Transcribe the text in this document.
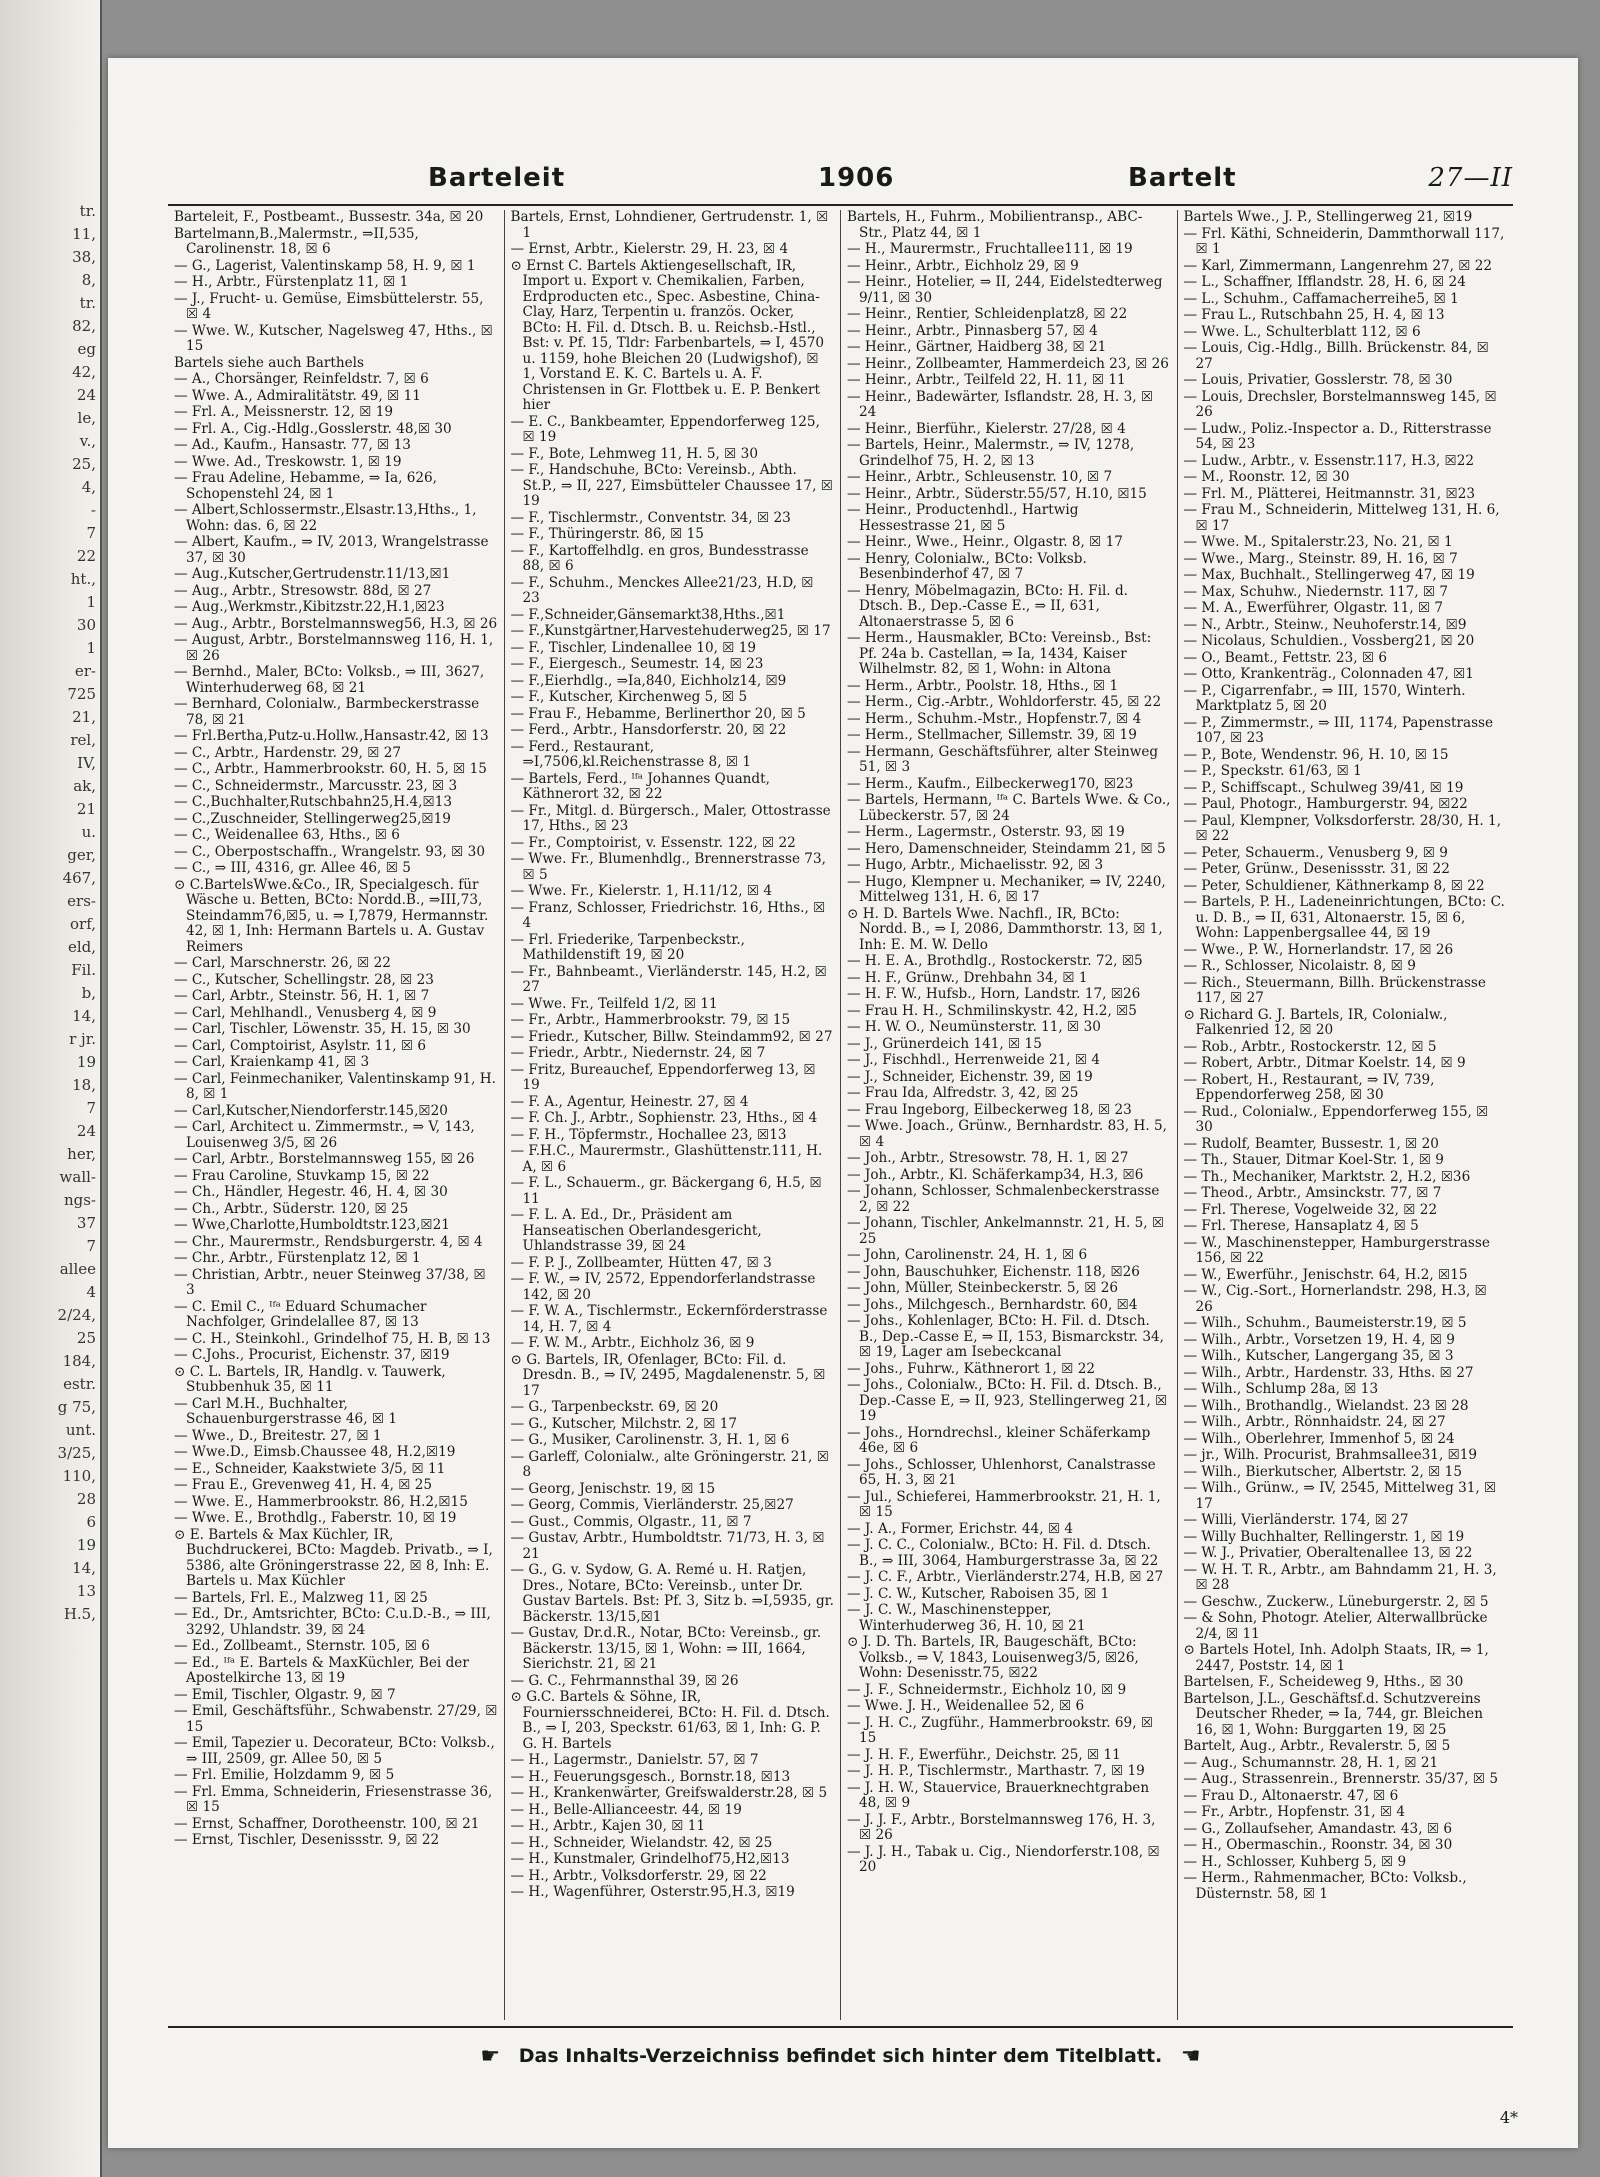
tr.
11,
38,
8,
tr.
82,
eg
42,
24
le,
v.,
25,
4,
-
7
22
ht.,
1
30
1
er-
725
21,
rel,
IV,
ak,
21
u.
ger,
467,
ers-
orf,
eld,
Fil.
b,
14,
r jr.
19
18,
7
24
her,
wall-
ngs-
37
7
allee
4
2/24,
25
184,
estr.
g 75,
unt.
3/25,
110,
28
6
19
14,
13
H.5,
Barteleit	1906	Bartelt	27—II
Barteleit, F., Postbeamt., Bussestr. 34a, ☒ 20
Bartelmann,B.,Malermstr., ⇒II,535, Carolinenstr. 18, ☒ 6
— G., Lagerist, Valentinskamp 58, H. 9, ☒ 1
— H., Arbtr., Fürstenplatz 11, ☒ 1
— J., Frucht- u. Gemüse, Eimsbüttelerstr. 55, ☒ 4
— Wwe. W., Kutscher, Nagelsweg 47, Hths., ☒ 15
Bartels siehe auch Barthels
— A., Chorsänger, Reinfeldstr. 7, ☒ 6
— Wwe. A., Admiralitätstr. 49, ☒ 11
— Frl. A., Meissnerstr. 12, ☒ 19
— Frl. A., Cig.-Hdlg.,Gosslerstr. 48,☒ 30
— Ad., Kaufm., Hansastr. 77, ☒ 13
— Wwe. Ad., Treskowstr. 1, ☒ 19
— Frau Adeline, Hebamme, ⇒ Ia, 626, Schopenstehl 24, ☒ 1
— Albert,Schlossermstr.,Elsastr.13,Hths., 1, Wohn: das. 6, ☒ 22
— Albert, Kaufm., ⇒ IV, 2013, Wrangelstrasse 37, ☒ 30
— Aug.,Kutscher,Gertrudenstr.11/13,☒1
— Aug., Arbtr., Stresowstr. 88d, ☒ 27
— Aug.,Werkmstr.,Kibitzstr.22,H.1,☒23
— Aug., Arbtr., Borstelmannsweg56, H.3, ☒ 26
— August, Arbtr., Borstelmannsweg 116, H. 1, ☒ 26
— Bernhd., Maler, BCto: Volksb., ⇒ III, 3627, Winterhuderweg 68, ☒ 21
— Bernhard, Colonialw., Barmbeckerstrasse 78, ☒ 21
— Frl.Bertha,Putz-u.Hollw.,Hansastr.42, ☒ 13
— C., Arbtr., Hardenstr. 29, ☒ 27
— C., Arbtr., Hammerbrookstr. 60, H. 5, ☒ 15
— C., Schneidermstr., Marcusstr. 23, ☒ 3
— C.,Buchhalter,Rutschbahn25,H.4,☒13
— C.,Zuschneider, Stellingerweg25,☒19
— C., Weidenallee 63, Hths., ☒ 6
— C., Oberpostschaffn., Wrangelstr. 93, ☒ 30
— C., ⇒ III, 4316, gr. Allee 46, ☒ 5
⊙ C.BartelsWwe.&Co., IR, Specialgesch. für Wäsche u. Betten, BCto: Nordd.B., ⇒III,73, Steindamm76,☒5, u. ⇒ I,7879, Hermannstr. 42, ☒ 1, Inh: Hermann Bartels u. A. Gustav Reimers
— Carl, Marschnerstr. 26, ☒ 22
— C., Kutscher, Schellingstr. 28, ☒ 23
— Carl, Arbtr., Steinstr. 56, H. 1, ☒ 7
— Carl, Mehlhandl., Venusberg 4, ☒ 9
— Carl, Tischler, Löwenstr. 35, H. 15, ☒ 30
— Carl, Comptoirist, Asylstr. 11, ☒ 6
— Carl, Kraienkamp 41, ☒ 3
— Carl, Feinmechaniker, Valentinskamp 91, H. 8, ☒ 1
— Carl,Kutscher,Niendorferstr.145,☒20
— Carl, Architect u. Zimmermstr., ⇒ V, 143, Louisenweg 3/5, ☒ 26
— Carl, Arbtr., Borstelmannsweg 155, ☒ 26
— Frau Caroline, Stuvkamp 15, ☒ 22
— Ch., Händler, Hegestr. 46, H. 4, ☒ 30
— Ch., Arbtr., Süderstr. 120, ☒ 25
— Wwe,Charlotte,Humboldtstr.123,☒21
— Chr., Maurermstr., Rendsburgerstr. 4, ☒ 4
— Chr., Arbtr., Fürstenplatz 12, ☒ 1
— Christian, Arbtr., neuer Steinweg 37/38, ☒ 3
— C. Emil C., ᴵᶠᵃ Eduard Schumacher Nachfolger, Grindelallee 87, ☒ 13
— C. H., Steinkohl., Grindelhof 75, H. B, ☒ 13
— C.Johs., Procurist, Eichenstr. 37, ☒19
⊙ C. L. Bartels, IR, Handlg. v. Tauwerk, Stubbenhuk 35, ☒ 11
— Carl M.H., Buchhalter, Schauenburgerstrasse 46, ☒ 1
— Wwe., D., Breitestr. 27, ☒ 1
— Wwe.D., Eimsb.Chaussee 48, H.2,☒19
— E., Schneider, Kaakstwiete 3/5, ☒ 11
— Frau E., Grevenweg 41, H. 4, ☒ 25
— Wwe. E., Hammerbrookstr. 86, H.2,☒15
— Wwe. E., Brothdlg., Faberstr. 10, ☒ 19
⊙ E. Bartels & Max Küchler, IR, Buchdruckerei, BCto: Magdeb. Privatb., ⇒ I, 5386, alte Gröningerstrasse 22, ☒ 8, Inh: E. Bartels u. Max Küchler
— Bartels, Frl. E., Malzweg 11, ☒ 25
— Ed., Dr., Amtsrichter, BCto: C.u.D.-B., ⇒ III, 3292, Uhlandstr. 39, ☒ 24
— Ed., Zollbeamt., Sternstr. 105, ☒ 6
— Ed., ᴵᶠᵃ E. Bartels & MaxKüchler, Bei der Apostelkirche 13, ☒ 19
— Emil, Tischler, Olgastr. 9, ☒ 7
— Emil, Geschäftsführ., Schwabenstr. 27/29, ☒ 15
— Emil, Tapezier u. Decorateur, BCto: Volksb., ⇒ III, 2509, gr. Allee 50, ☒ 5
— Frl. Emilie, Holzdamm 9, ☒ 5
— Frl. Emma, Schneiderin, Friesenstrasse 36, ☒ 15
— Ernst, Schaffner, Dorotheenstr. 100, ☒ 21
— Ernst, Tischler, Desenissstr. 9, ☒ 22
Bartels, Ernst, Lohndiener, Gertrudenstr. 1, ☒ 1
— Ernst, Arbtr., Kielerstr. 29, H. 23, ☒ 4
⊙ Ernst C. Bartels Aktiengesellschaft, IR, Import u. Export v. Chemikalien, Farben, Erdproducten etc., Spec. Asbestine, China-Clay, Harz, Terpentin u. französ. Ocker, BCto: H. Fil. d. Dtsch. B. u. Reichsb.-Hstl., Bst: v. Pf. 15, Tldr: Farbenbartels, ⇒ I, 4570 u. 1159, hohe Bleichen 20 (Ludwigshof), ☒ 1, Vorstand E. K. C. Bartels u. A. F. Christensen in Gr. Flottbek u. E. P. Benkert hier
— E. C., Bankbeamter, Eppendorferweg 125, ☒ 19
— F., Bote, Lehmweg 11, H. 5, ☒ 30
— F., Handschuhe, BCto: Vereinsb., Abth. St.P., ⇒ II, 227, Eimsbütteler Chaussee 17, ☒ 19
— F., Tischlermstr., Conventstr. 34, ☒ 23
— F., Thüringerstr. 86, ☒ 15
— F., Kartoffelhdlg. en gros, Bundesstrasse 88, ☒ 6
— F., Schuhm., Menckes Allee21/23, H.D, ☒ 23
— F.,Schneider,Gänsemarkt38,Hths.,☒1
— F.,Kunstgärtner,Harvestehuderweg25, ☒ 17
— F., Tischler, Lindenallee 10, ☒ 19
— F., Eiergesch., Seumestr. 14, ☒ 23
— F.,Eierhdlg., ⇒Ia,840, Eichholz14, ☒9
— F., Kutscher, Kirchenweg 5, ☒ 5
— Frau F., Hebamme, Berlinerthor 20, ☒ 5
— Ferd., Arbtr., Hansdorferstr. 20, ☒ 22
— Ferd., Restaurant, ⇒I,7506,kl.Reichenstrasse 8, ☒ 1
— Bartels, Ferd., ᴵᶠᵃ Johannes Quandt, Käthnerort 32, ☒ 22
— Fr., Mitgl. d. Bürgersch., Maler, Ottostrasse 17, Hths., ☒ 23
— Fr., Comptoirist, v. Essenstr. 122, ☒ 22
— Wwe. Fr., Blumenhdlg., Brennerstrasse 73, ☒ 5
— Wwe. Fr., Kielerstr. 1, H.11/12, ☒ 4
— Franz, Schlosser, Friedrichstr. 16, Hths., ☒ 4
— Frl. Friederike, Tarpenbeckstr., Mathildenstift 19, ☒ 20
— Fr., Bahnbeamt., Vierländerstr. 145, H.2, ☒ 27
— Wwe. Fr., Teilfeld 1/2, ☒ 11
— Fr., Arbtr., Hammerbrookstr. 79, ☒ 15
— Friedr., Kutscher, Billw. Steindamm92, ☒ 27
— Friedr., Arbtr., Niedernstr. 24, ☒ 7
— Fritz, Bureauchef, Eppendorferweg 13, ☒ 19
— F. A., Agentur, Heinestr. 27, ☒ 4
— F. Ch. J., Arbtr., Sophienstr. 23, Hths., ☒ 4
— F. H., Töpfermstr., Hochallee 23, ☒13
— F.H.C., Maurermstr., Glashüttenstr.111, H. A, ☒ 6
— F. L., Schauerm., gr. Bäckergang 6, H.5, ☒ 11
— F. L. A. Ed., Dr., Präsident am Hanseatischen Oberlandesgericht, Uhlandstrasse 39, ☒ 24
— F. P. J., Zollbeamter, Hütten 47, ☒ 3
— F. W., ⇒ IV, 2572, Eppendorferlandstrasse 142, ☒ 20
— F. W. A., Tischlermstr., Eckernförderstrasse 14, H. 7, ☒ 4
— F. W. M., Arbtr., Eichholz 36, ☒ 9
⊙ G. Bartels, IR, Ofenlager, BCto: Fil. d. Dresdn. B., ⇒ IV, 2495, Magdalenenstr. 5, ☒ 17
— G., Tarpenbeckstr. 69, ☒ 20
— G., Kutscher, Milchstr. 2, ☒ 17
— G., Musiker, Carolinenstr. 3, H. 1, ☒ 6
— Garleff, Colonialw., alte Gröningerstr. 21, ☒ 8
— Georg, Jenischstr. 19, ☒ 15
— Georg, Commis, Vierländerstr. 25,☒27
— Gust., Commis, Olgastr., 11, ☒ 7
— Gustav, Arbtr., Humboldtstr. 71/73, H. 3, ☒ 21
— G., G. v. Sydow, G. A. Remé u. H. Ratjen, Dres., Notare, BCto: Vereinsb., unter Dr. Gustav Bartels. Bst: Pf. 3, Sitz b. ⇒I,5935, gr. Bäckerstr. 13/15,☒1
— Gustav, Dr.d.R., Notar, BCto: Vereinsb., gr. Bäckerstr. 13/15, ☒ 1, Wohn: ⇒ III, 1664, Sierichstr. 21, ☒ 21
— G. C., Fehrmannsthal 39, ☒ 26
⊙ G.C. Bartels & Söhne, IR, Fourniersschneiderei, BCto: H. Fil. d. Dtsch. B., ⇒ I, 203, Speckstr. 61/63, ☒ 1, Inh: G. P. G. H. Bartels
— H., Lagermstr., Danielstr. 57, ☒ 7
— H., Feuerungsgesch., Bornstr.18, ☒13
— H., Krankenwärter, Greifswalderstr.28, ☒ 5
— H., Belle-Allianceestr. 44, ☒ 19
— H., Arbtr., Kajen 30, ☒ 11
— H., Schneider, Wielandstr. 42, ☒ 25
— H., Kunstmaler, Grindelhof75,H2,☒13
— H., Arbtr., Volksdorferstr. 29, ☒ 22
— H., Wagenführer, Osterstr.95,H.3, ☒19
Bartels, H., Fuhrm., Mobilientransp., ABC-Str., Platz 44, ☒ 1
— H., Maurermstr., Fruchtallee111, ☒ 19
— Heinr., Arbtr., Eichholz 29, ☒ 9
— Heinr., Hotelier, ⇒ II, 244, Eidelstedterweg 9/11, ☒ 30
— Heinr., Rentier, Schleidenplatz8, ☒ 22
— Heinr., Arbtr., Pinnasberg 57, ☒ 4
— Heinr., Gärtner, Haidberg 38, ☒ 21
— Heinr., Zollbeamter, Hammerdeich 23, ☒ 26
— Heinr., Arbtr., Teilfeld 22, H. 11, ☒ 11
— Heinr., Badewärter, Isflandstr. 28, H. 3, ☒ 24
— Heinr., Bierführ., Kielerstr. 27/28, ☒ 4
— Bartels, Heinr., Malermstr., ⇒ IV, 1278, Grindelhof 75, H. 2, ☒ 13
— Heinr., Arbtr., Schleusenstr. 10, ☒ 7
— Heinr., Arbtr., Süderstr.55/57, H.10, ☒15
— Heinr., Productenhdl., Hartwig Hessestrasse 21, ☒ 5
— Heinr., Wwe., Heinr., Olgastr. 8, ☒ 17
— Henry, Colonialw., BCto: Volksb. Besenbinderhof 47, ☒ 7
— Henry, Möbelmagazin, BCto: H. Fil. d. Dtsch. B., Dep.-Casse E., ⇒ II, 631, Altonaerstrasse 5, ☒ 6
— Herm., Hausmakler, BCto: Vereinsb., Bst: Pf. 24a b. Castellan, ⇒ Ia, 1434, Kaiser Wilhelmstr. 82, ☒ 1, Wohn: in Altona
— Herm., Arbtr., Poolstr. 18, Hths., ☒ 1
— Herm., Cig.-Arbtr., Wohldorferstr. 45, ☒ 22
— Herm., Schuhm.-Mstr., Hopfenstr.7, ☒ 4
— Herm., Stellmacher, Sillemstr. 39, ☒ 19
— Hermann, Geschäftsführer, alter Steinweg 51, ☒ 3
— Herm., Kaufm., Eilbeckerweg170, ☒23
— Bartels, Hermann, ᴵᶠᵃ C. Bartels Wwe. & Co., Lübeckerstr. 57, ☒ 24
— Herm., Lagermstr., Osterstr. 93, ☒ 19
— Hero, Damenschneider, Steindamm 21, ☒ 5
— Hugo, Arbtr., Michaelisstr. 92, ☒ 3
— Hugo, Klempner u. Mechaniker, ⇒ IV, 2240, Mittelweg 131, H. 6, ☒ 17
⊙ H. D. Bartels Wwe. Nachfl., IR, BCto: Nordd. B., ⇒ I, 2086, Dammthorstr. 13, ☒ 1, Inh: E. M. W. Dello
— H. E. A., Brothdlg., Rostockerstr. 72, ☒5
— H. F., Grünw., Drehbahn 34, ☒ 1
— H. F. W., Hufsb., Horn, Landstr. 17, ☒26
— Frau H. H., Schmilinskystr. 42, H.2, ☒5
— H. W. O., Neumünsterstr. 11, ☒ 30
— J., Grünerdeich 141, ☒ 15
— J., Fischhdl., Herrenweide 21, ☒ 4
— J., Schneider, Eichenstr. 39, ☒ 19
— Frau Ida, Alfredstr. 3, 42, ☒ 25
— Frau Ingeborg, Eilbeckerweg 18, ☒ 23
— Wwe. Joach., Grünw., Bernhardstr. 83, H. 5, ☒ 4
— Joh., Arbtr., Stresowstr. 78, H. 1, ☒ 27
— Joh., Arbtr., Kl. Schäferkamp34, H.3, ☒6
— Johann, Schlosser, Schmalenbeckerstrasse 2, ☒ 22
— Johann, Tischler, Ankelmannstr. 21, H. 5, ☒ 25
— John, Carolinenstr. 24, H. 1, ☒ 6
— John, Bauschuhker, Eichenstr. 118, ☒26
— John, Müller, Steinbeckerstr. 5, ☒ 26
— Johs., Milchgesch., Bernhardstr. 60, ☒4
— Johs., Kohlenlager, BCto: H. Fil. d. Dtsch. B., Dep.-Casse E, ⇒ II, 153, Bismarckstr. 34, ☒ 19, Lager am Isebeckcanal
— Johs., Fuhrw., Käthnerort 1, ☒ 22
— Johs., Colonialw., BCto: H. Fil. d. Dtsch. B., Dep.-Casse E, ⇒ II, 923, Stellingerweg 21, ☒ 19
— Johs., Horndrechsl., kleiner Schäferkamp 46e, ☒ 6
— Johs., Schlosser, Uhlenhorst, Canalstrasse 65, H. 3, ☒ 21
— Jul., Schieferei, Hammerbrookstr. 21, H. 1, ☒ 15
— J. A., Former, Erichstr. 44, ☒ 4
— J. C. C., Colonialw., BCto: H. Fil. d. Dtsch. B., ⇒ III, 3064, Hamburgerstrasse 3a, ☒ 22
— J. C. F., Arbtr., Vierländerstr.274, H.B, ☒ 27
— J. C. W., Kutscher, Raboisen 35, ☒ 1
— J. C. W., Maschinenstepper, Winterhuderweg 36, H. 10, ☒ 21
⊙ J. D. Th. Bartels, IR, Baugeschäft, BCto: Volksb., ⇒ V, 1843, Louisenweg3/5, ☒26, Wohn: Desenisstr.75, ☒22
— J. F., Schneidermstr., Eichholz 10, ☒ 9
— Wwe. J. H., Weidenallee 52, ☒ 6
— J. H. C., Zugführ., Hammerbrookstr. 69, ☒ 15
— J. H. F., Ewerführ., Deichstr. 25, ☒ 11
— J. H. P., Tischlermstr., Marthastr. 7, ☒ 19
— J. H. W., Stauervice, Brauerknechtgraben 48, ☒ 9
— J. J. F., Arbtr., Borstelmannsweg 176, H. 3, ☒ 26
— J. J. H., Tabak u. Cig., Niendorferstr.108, ☒ 20
Bartels Wwe., J. P., Stellingerweg 21, ☒19
— Frl. Käthi, Schneiderin, Dammthorwall 117, ☒ 1
— Karl, Zimmermann, Langenrehm 27, ☒ 22
— L., Schaffner, Ifflandstr. 28, H. 6, ☒ 24
— L., Schuhm., Caffamacherreihe5, ☒ 1
— Frau L., Rutschbahn 25, H. 4, ☒ 13
— Wwe. L., Schulterblatt 112, ☒ 6
— Louis, Cig.-Hdlg., Billh. Brückenstr. 84, ☒ 27
— Louis, Privatier, Gosslerstr. 78, ☒ 30
— Louis, Drechsler, Borstelmannsweg 145, ☒ 26
— Ludw., Poliz.-Inspector a. D., Ritterstrasse 54, ☒ 23
— Ludw., Arbtr., v. Essenstr.117, H.3, ☒22
— M., Roonstr. 12, ☒ 30
— Frl. M., Plätterei, Heitmannstr. 31, ☒23
— Frau M., Schneiderin, Mittelweg 131, H. 6, ☒ 17
— Wwe. M., Spitalerstr.23, No. 21, ☒ 1
— Wwe., Marg., Steinstr. 89, H. 16, ☒ 7
— Max, Buchhalt., Stellingerweg 47, ☒ 19
— Max, Schuhw., Niedernstr. 117, ☒ 7
— M. A., Ewerführer, Olgastr. 11, ☒ 7
— N., Arbtr., Steinw., Neuhoferstr.14, ☒9
— Nicolaus, Schuldien., Vossberg21, ☒ 20
— O., Beamt., Fettstr. 23, ☒ 6
— Otto, Krankenträg., Colonnaden 47, ☒1
— P., Cigarrenfabr., ⇒ III, 1570, Winterh. Marktplatz 5, ☒ 20
— P., Zimmermstr., ⇒ III, 1174, Papenstrasse 107, ☒ 23
— P., Bote, Wendenstr. 96, H. 10, ☒ 15
— P., Speckstr. 61/63, ☒ 1
— P., Schiffscapt., Schulweg 39/41, ☒ 19
— Paul, Photogr., Hamburgerstr. 94, ☒22
— Paul, Klempner, Volksdorferstr. 28/30, H. 1, ☒ 22
— Peter, Schauerm., Venusberg 9, ☒ 9
— Peter, Grünw., Desenissstr. 31, ☒ 22
— Peter, Schuldiener, Käthnerkamp 8, ☒ 22
— Bartels, P. H., Ladeneinrichtungen, BCto: C. u. D. B., ⇒ II, 631, Altonaerstr. 15, ☒ 6, Wohn: Lappenbergsallee 44, ☒ 19
— Wwe., P. W., Hornerlandstr. 17, ☒ 26
— R., Schlosser, Nicolaistr. 8, ☒ 9
— Rich., Steuermann, Billh. Brückenstrasse 117, ☒ 27
⊙ Richard G. J. Bartels, IR, Colonialw., Falkenried 12, ☒ 20
— Rob., Arbtr., Rostockerstr. 12, ☒ 5
— Robert, Arbtr., Ditmar Koelstr. 14, ☒ 9
— Robert, H., Restaurant, ⇒ IV, 739, Eppendorferweg 258, ☒ 30
— Rud., Colonialw., Eppendorferweg 155, ☒ 30
— Rudolf, Beamter, Bussestr. 1, ☒ 20
— Th., Stauer, Ditmar Koel-Str. 1, ☒ 9
— Th., Mechaniker, Marktstr. 2, H.2, ☒36
— Theod., Arbtr., Amsinckstr. 77, ☒ 7
— Frl. Therese, Vogelweide 32, ☒ 22
— Frl. Therese, Hansaplatz 4, ☒ 5
— W., Maschinenstepper, Hamburgerstrasse 156, ☒ 22
— W., Ewerführ., Jenischstr. 64, H.2, ☒15
— W., Cig.-Sort., Hornerlandstr. 298, H.3, ☒ 26
— Wilh., Schuhm., Baumeisterstr.19, ☒ 5
— Wilh., Arbtr., Vorsetzen 19, H. 4, ☒ 9
— Wilh., Kutscher, Langergang 35, ☒ 3
— Wilh., Arbtr., Hardenstr. 33, Hths. ☒ 27
— Wilh., Schlump 28a, ☒ 13
— Wilh., Brothandlg., Wielandst. 23 ☒ 28
— Wilh., Arbtr., Rönnhaidstr. 24, ☒ 27
— Wilh., Oberlehrer, Immenhof 5, ☒ 24
— jr., Wilh. Procurist, Brahmsallee31, ☒19
— Wilh., Bierkutscher, Albertstr. 2, ☒ 15
— Wilh., Grünw., ⇒ IV, 2545, Mittelweg 31, ☒ 17
— Willi, Vierländerstr. 174, ☒ 27
— Willy Buchhalter, Rellingerstr. 1, ☒ 19
— W. J., Privatier, Oberaltenallee 13, ☒ 22
— W. H. T. R., Arbtr., am Bahndamm 21, H. 3, ☒ 28
— Geschw., Zuckerw., Lüneburgerstr. 2, ☒ 5
— & Sohn, Photogr. Atelier, Alterwallbrücke 2/4, ☒ 11
⊙ Bartels Hotel, Inh. Adolph Staats, IR, ⇒ 1, 2447, Poststr. 14, ☒ 1
Bartelsen, F., Scheideweg 9, Hths., ☒ 30
Bartelson, J.L., Geschäftsf.d. Schutzvereins Deutscher Rheder, ⇒ Ia, 744, gr. Bleichen 16, ☒ 1, Wohn: Burggarten 19, ☒ 25
Bartelt, Aug., Arbtr., Revalerstr. 5, ☒ 5
— Aug., Schumannstr. 28, H. 1, ☒ 21
— Aug., Strassenrein., Brennerstr. 35/37, ☒ 5
— Frau D., Altonaerstr. 47, ☒ 6
— Fr., Arbtr., Hopfenstr. 31, ☒ 4
— G., Zollaufseher, Amandastr. 43, ☒ 6
— H., Obermaschin., Roonstr. 34, ☒ 30
— H., Schlosser, Kuhberg 5, ☒ 9
— Herm., Rahmenmacher, BCto: Volksb., Düsternstr. 58, ☒ 1
☛ Das Inhalts-Verzeichniss befindet sich hinter dem Titelblatt. ☚
4*
